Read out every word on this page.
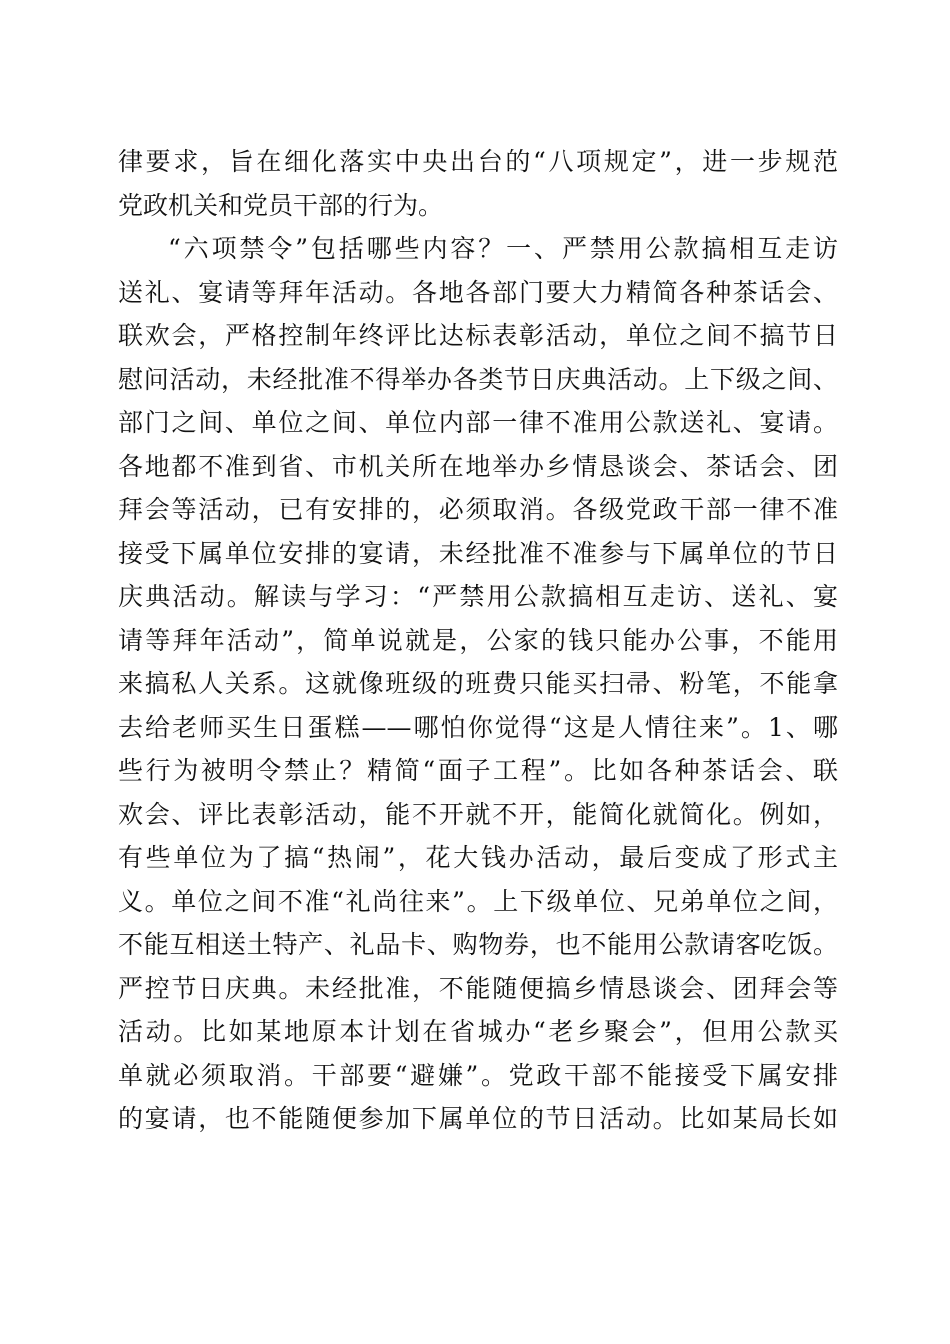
律要求，旨在细化落实中央出台的“八项规定”，进一步规范
党政机关和党员干部的行为。
“六项禁令”包括哪些内容？一、严禁用公款搞相互走访
送礼、宴请等拜年活动。各地各部门要大力精简各种茶话会、
联欢会，严格控制年终评比达标表彰活动，单位之间不搞节日
慰问活动，未经批准不得举办各类节日庆典活动。上下级之间、
部门之间、单位之间、单位内部一律不准用公款送礼、宴请。
各地都不准到省、市机关所在地举办乡情恳谈会、茶话会、团
拜会等活动，已有安排的，必须取消。各级党政干部一律不准
接受下属单位安排的宴请，未经批准不准参与下属单位的节日
庆典活动。解读与学习：“严禁用公款搞相互走访、送礼、宴
请等拜年活动”，简单说就是，公家的钱只能办公事，不能用
来搞私人关系。这就像班级的班费只能买扫帚、粉笔，不能拿
去给老师买生日蛋糕——哪怕你觉得“这是人情往来”。1、哪
些行为被明令禁止？精简“面子工程”。比如各种茶话会、联
欢会、评比表彰活动，能不开就不开，能简化就简化。例如，
有些单位为了搞“热闹”，花大钱办活动，最后变成了形式主
义。单位之间不准“礼尚往来”。上下级单位、兄弟单位之间，
不能互相送土特产、礼品卡、购物券，也不能用公款请客吃饭。
严控节日庆典。未经批准，不能随便搞乡情恳谈会、团拜会等
活动。比如某地原本计划在省城办“老乡聚会”，但用公款买
单就必须取消。干部要“避嫌”。党政干部不能接受下属安排
的宴请，也不能随便参加下属单位的节日活动。比如某局长如
